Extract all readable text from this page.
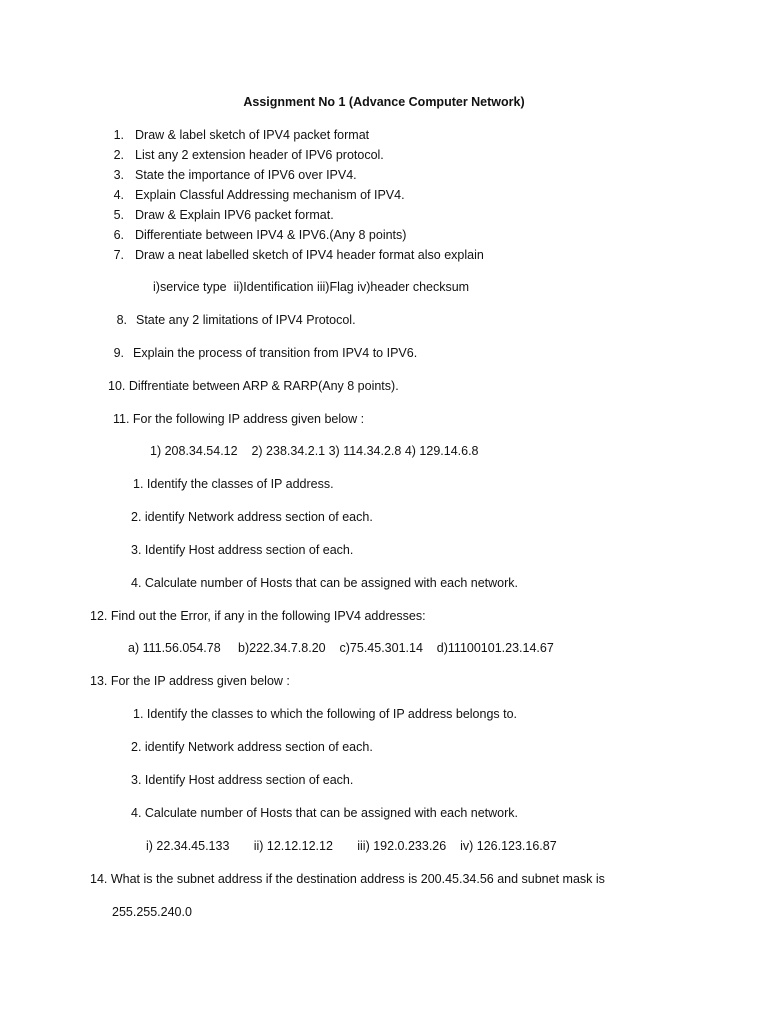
Assignment No 1 (Advance Computer Network)
1. Draw & label sketch of IPV4 packet format
2. List any 2 extension header of IPV6 protocol.
3. State the importance of IPV6 over IPV4.
4. Explain Classful Addressing mechanism of IPV4.
5. Draw & Explain IPV6 packet format.
6. Differentiate between IPV4 & IPV6.(Any 8 points)
7. Draw a neat labelled sketch of IPV4 header format also explain
i)service type  ii)Identification iii)Flag iv)header checksum
8. State any 2 limitations of IPV4 Protocol.
9. Explain the process of transition from IPV4 to IPV6.
10. Diffrentiate between ARP & RARP(Any 8 points).
11. For the following IP address given below :
1) 208.34.54.12    2) 238.34.2.1 3) 114.34.2.8 4) 129.14.6.8
1. Identify the classes of IP address.
2. identify Network address section of each.
3. Identify Host address section of each.
4. Calculate number of Hosts that can be assigned with each network.
12. Find out the Error, if any in the following IPV4 addresses:
a) 111.56.054.78     b)222.34.7.8.20    c)75.45.301.14    d)11100101.23.14.67
13. For the IP address given below :
1. Identify the classes to which the following of IP address belongs to.
2. identify Network address section of each.
3. Identify Host address section of each.
4. Calculate number of Hosts that can be assigned with each network.
i) 22.34.45.133       ii) 12.12.12.12       iii) 192.0.233.26    iv) 126.123.16.87
14. What is the subnet address if the destination address is 200.45.34.56 and subnet mask is
255.255.240.0
